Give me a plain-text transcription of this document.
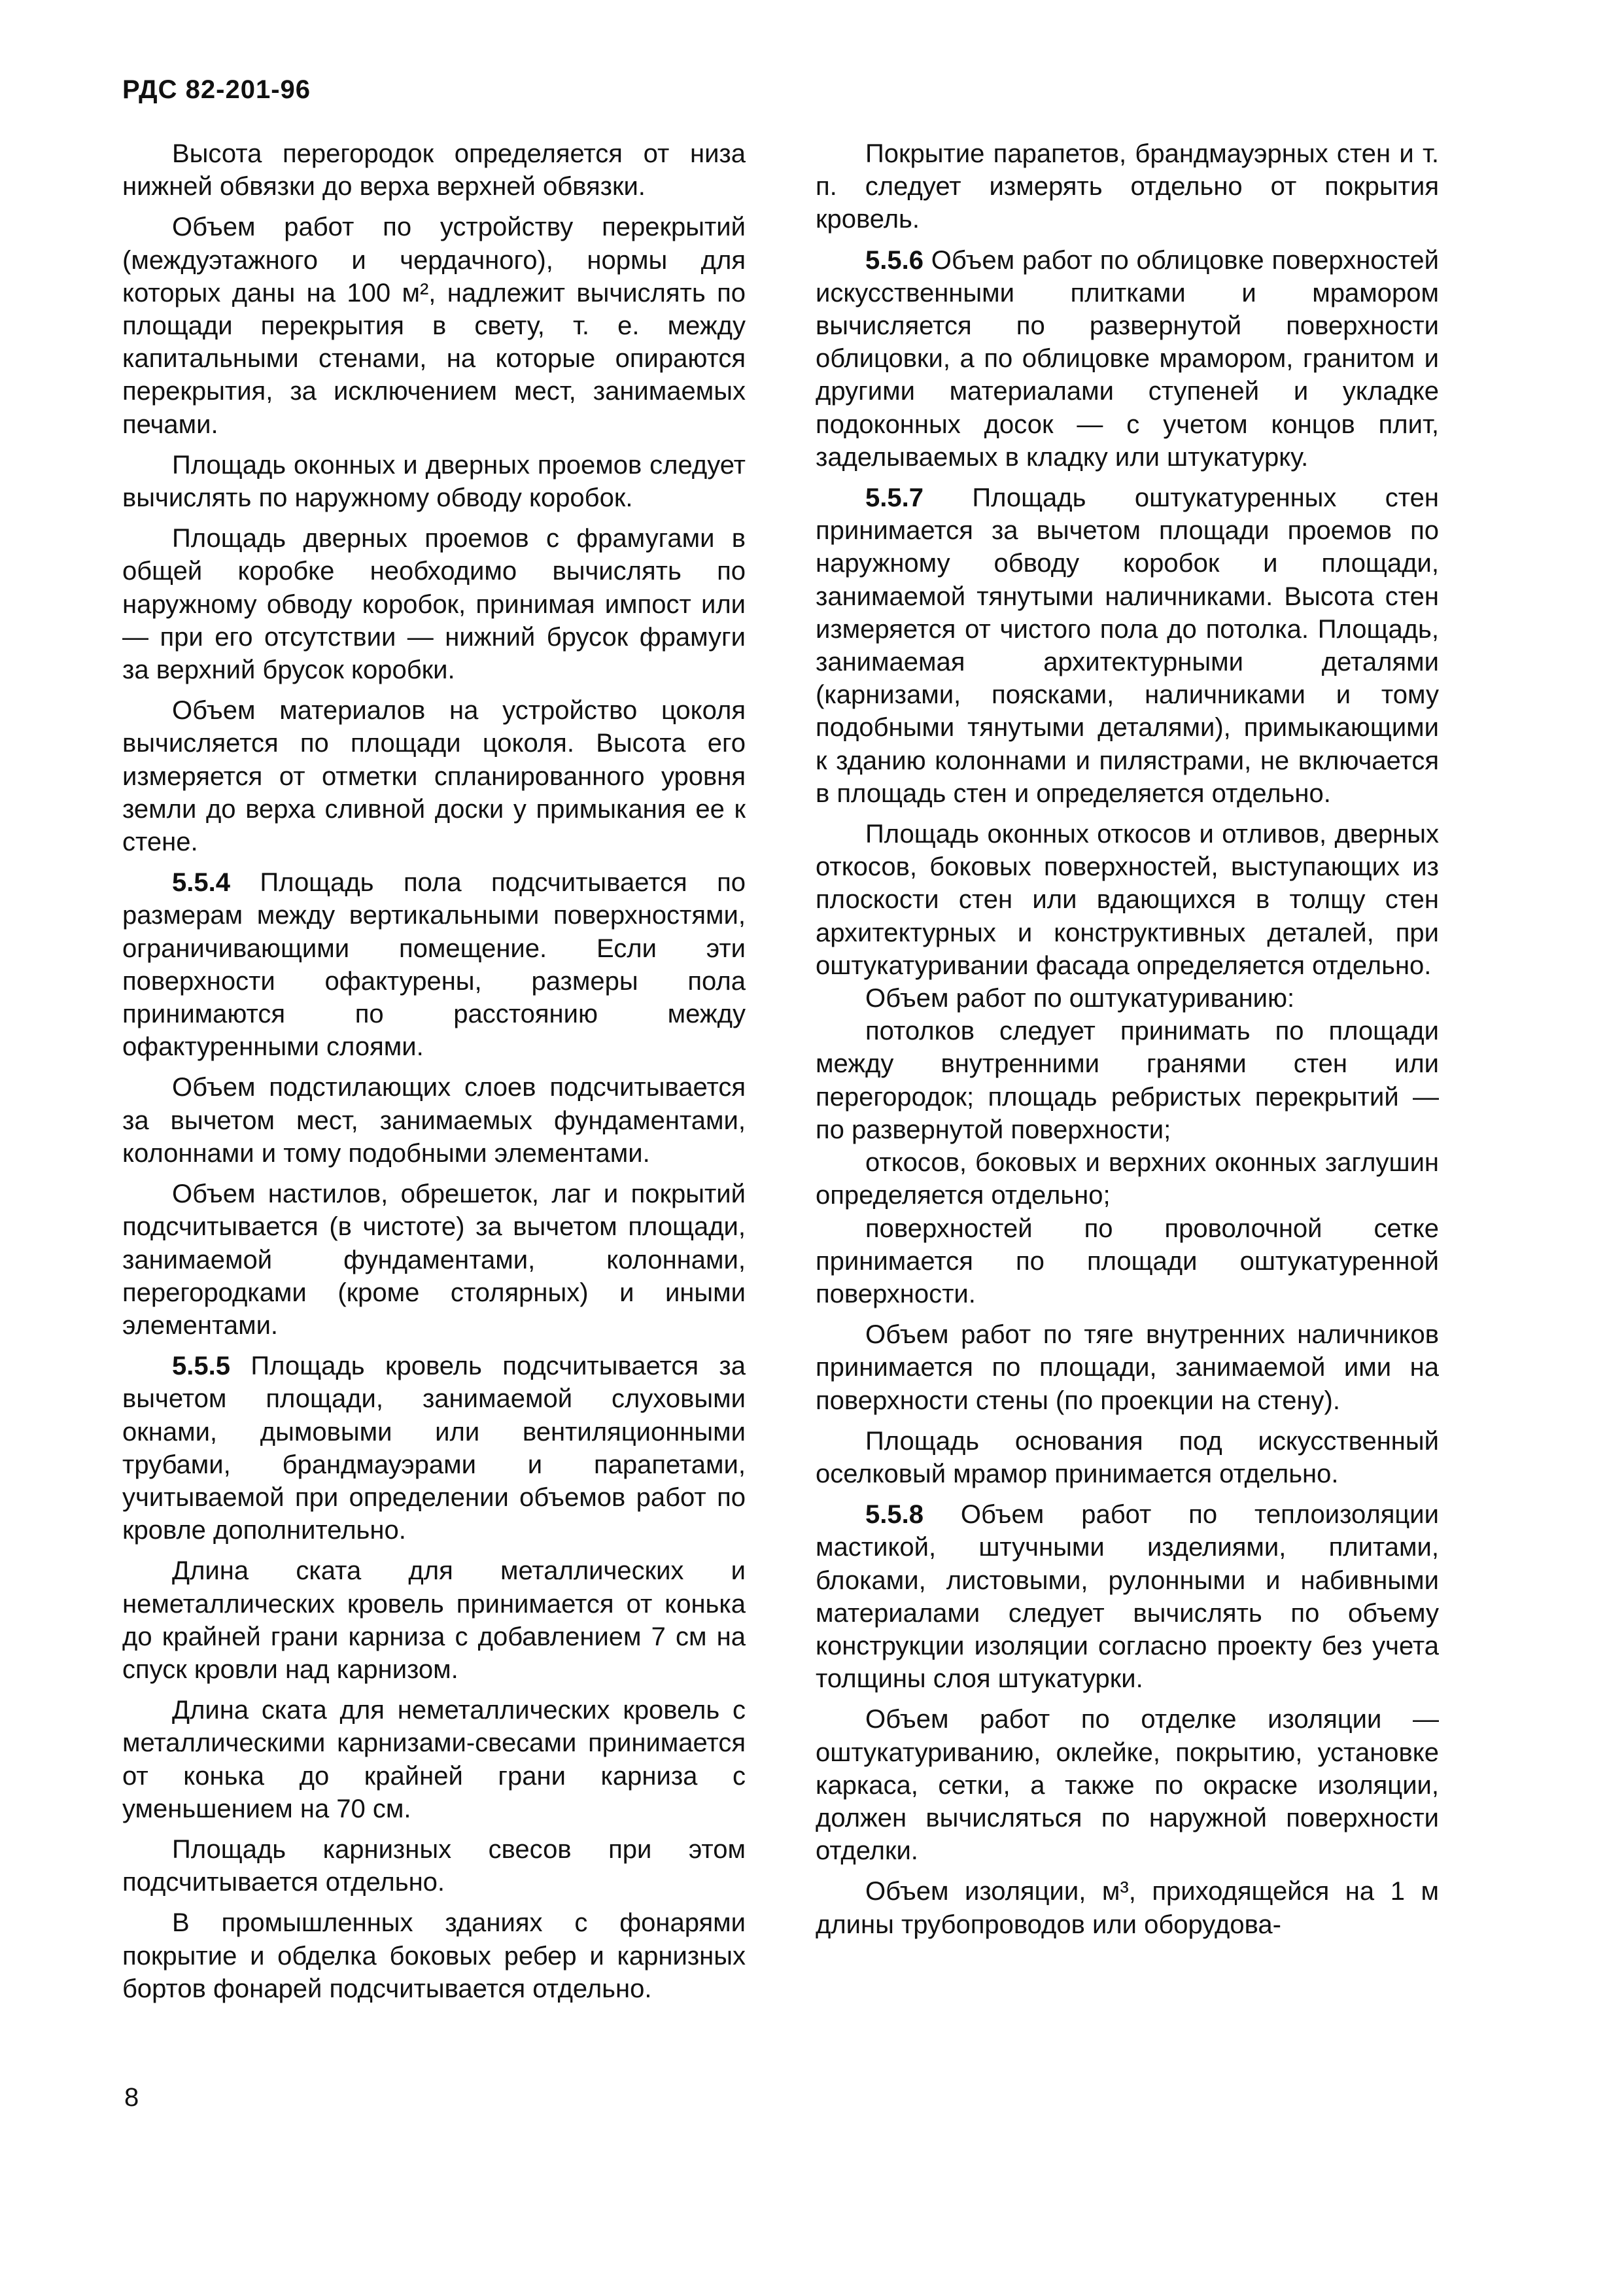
РДС 82-201-96

Высота перегородок определяется от низа нижней обвязки до верха верхней обвязки.

Объем работ по устройству перекрытий (междуэтажного и чердачного), нормы для которых даны на 100 м², надлежит вычислять по площади перекрытия в свету, т. е. между капитальными стенами, на которые опираются перекрытия, за исключением мест, занимаемых печами.

Площадь оконных и дверных проемов следует вычислять по наружному обводу коробок.

Площадь дверных проемов с фрамугами в общей коробке необходимо вычислять по наружному обводу коробок, принимая импост или — при его отсутствии — нижний брусок фрамуги за верхний брусок коробки.

Объем материалов на устройство цоколя вычисляется по площади цоколя. Высота его измеряется от отметки спланированного уровня земли до верха сливной доски у примыкания ее к стене.

5.5.4 Площадь пола подсчитывается по размерам между вертикальными поверхностями, ограничивающими помещение. Если эти поверхности офактурены, размеры пола принимаются по расстоянию между офактуренными слоями.

Объем подстилающих слоев подсчитывается за вычетом мест, занимаемых фундаментами, колоннами и тому подобными элементами.

Объем настилов, обрешеток, лаг и покрытий подсчитывается (в чистоте) за вычетом площади, занимаемой фундаментами, колоннами, перегородками (кроме столярных) и иными элементами.

5.5.5 Площадь кровель подсчитывается за вычетом площади, занимаемой слуховыми окнами, дымовыми или вентиляционными трубами, брандмауэрами и парапетами, учитываемой при определении объемов работ по кровле дополнительно.

Длина ската для металлических и неметаллических кровель принимается от конька до крайней грани карниза с добавлением 7 см на спуск кровли над карнизом.

Длина ската для неметаллических кровель с металлическими карнизами-свесами принимается от конька до крайней грани карниза с уменьшением на 70 см.

Площадь карнизных свесов при этом подсчитывается отдельно.

В промышленных зданиях с фонарями покрытие и обделка боковых ребер и карнизных бортов фонарей подсчитывается отдельно.

Покрытие парапетов, брандмауэрных стен и т. п. следует измерять отдельно от покрытия кровель.

5.5.6 Объем работ по облицовке поверхностей искусственными плитками и мрамором вычисляется по развернутой поверхности облицовки, а по облицовке мрамором, гранитом и другими материалами ступеней и укладке подоконных досок — с учетом концов плит, заделываемых в кладку или штукатурку.

5.5.7 Площадь оштукатуренных стен принимается за вычетом площади проемов по наружному обводу коробок и площади, занимаемой тянутыми наличниками. Высота стен измеряется от чистого пола до потолка. Площадь, занимаемая архитектурными деталями (карнизами, поясками, наличниками и тому подобными тянутыми деталями), примыкающими к зданию колоннами и пилястрами, не включается в площадь стен и определяется отдельно.

Площадь оконных откосов и отливов, дверных откосов, боковых поверхностей, выступающих из плоскости стен или вдающихся в толщу стен архитектурных и конструктивных деталей, при оштукатуривании фасада определяется отдельно.

Объем работ по оштукатуриванию:

потолков следует принимать по площади между внутренними гранями стен или перегородок; площадь ребристых перекрытий — по развернутой поверхности;

откосов, боковых и верхних оконных заглушин определяется отдельно;

поверхностей по проволочной сетке принимается по площади оштукатуренной поверхности.

Объем работ по тяге внутренних наличников принимается по площади, занимаемой ими на поверхности стены (по проекции на стену).

Площадь основания под искусственный оселковый мрамор принимается отдельно.

5.5.8 Объем работ по теплоизоляции мастикой, штучными изделиями, плитами, блоками, листовыми, рулонными и набивными материалами следует вычислять по объему конструкции изоляции согласно проекту без учета толщины слоя штукатурки.

Объем работ по отделке изоляции — оштукатуриванию, оклейке, покрытию, установке каркаса, сетки, а также по окраске изоляции, должен вычисляться по наружной поверхности отделки.

Объем изоляции, м³, приходящейся на 1 м длины трубопроводов или оборудова-

8
